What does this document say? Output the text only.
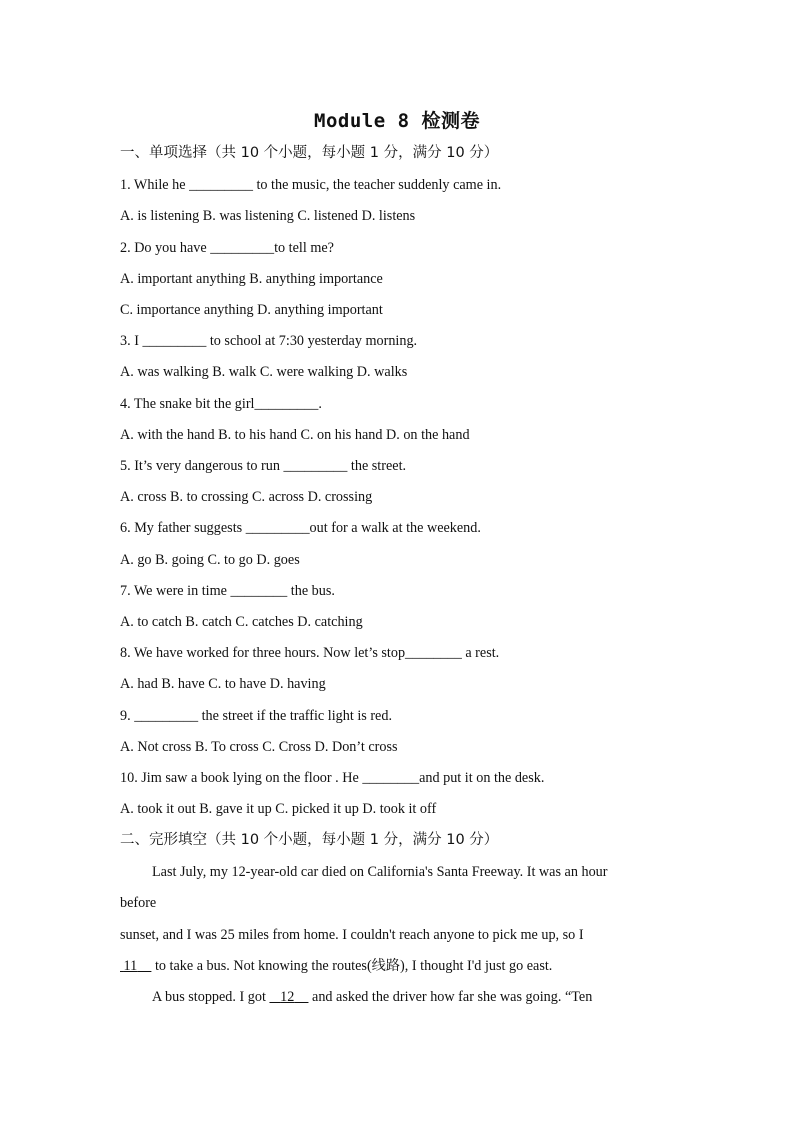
Module 8 检测卷
一、单项选择（共 10 个小题，每小题 1 分，满分 10 分）
1. While he _________ to the music, the teacher suddenly came in.
A. is listening B. was listening C. listened D. listens
2. Do you have _________to tell me?
A. important anything B. anything importance
C. importance anything D. anything important
3. I _________ to school at 7:30 yesterday morning.
A. was walking B. walk C. were walking D. walks
4. The snake bit the girl_________.
A. with the hand B. to his hand C. on his hand D. on the hand
5. It’s very dangerous to run _________ the street.
A. cross B. to crossing C. across D. crossing
6. My father suggests _________out for a walk at the weekend.
A. go B. going C. to go D. goes
7. We were in time ________ the bus.
A. to catch B. catch C. catches D. catching
8. We have worked for three hours. Now let’s stop________ a rest.
A. had B. have C. to have D. having
9. _________ the street if the traffic light is red.
A. Not cross B. To cross C. Cross D. Don’t cross
10. Jim saw a book lying on the floor . He ________and put it on the desk.
A. took it out B. gave it up C. picked it up D. took it off
二、完形填空（共 10 个小题，每小题 1 分，满分 10 分）
Last July, my 12-year-old car died on California's Santa Freeway. It was an hour
before
sunset, and I was 25 miles from home. I couldn't reach anyone to pick me up, so I
11     to take a bus. Not knowing the routes(线路), I thought I'd just go east.
A bus stopped. I got    12     and asked the driver how far she was going. “Ten
